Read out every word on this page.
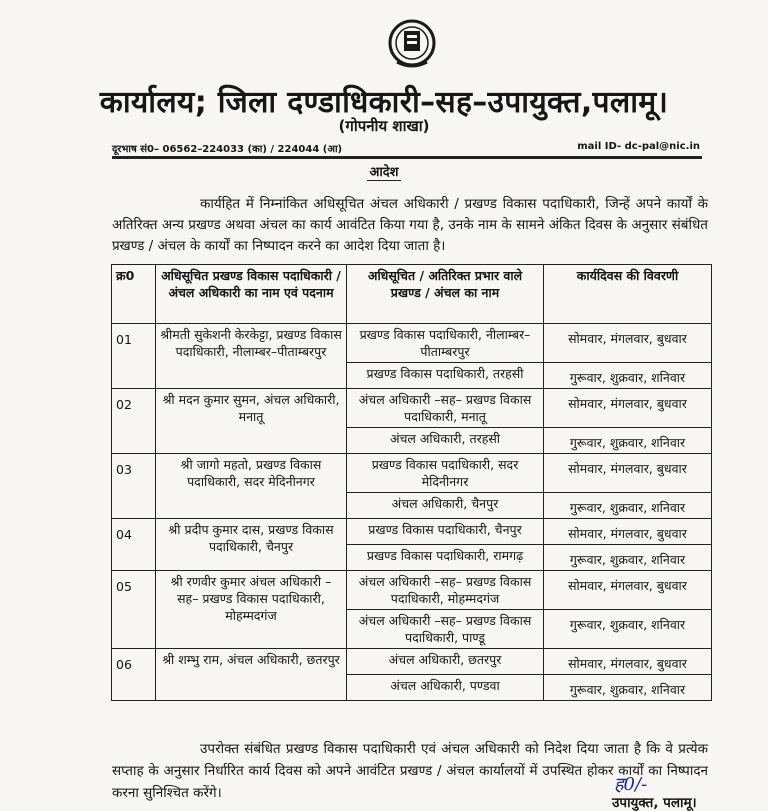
कार्यालय; जिला दण्डाधिकारी–सह–उपायुक्त,पलामू।
(गोपनीय शाखा)
दूरभाष सं0– 06562–224033 (का) / 224044 (आ)	mail ID- dc-pal@nic.in
आदेश

कार्यहित में निम्नांकित अधिसूचित अंचल अधिकारी / प्रखण्ड विकास पदाधिकारी, जिन्हें अपने कार्यों के अतिरिक्त अन्य प्रखण्ड अथवा अंचल का कार्य आवंटित किया गया है, उनके नाम के सामने अंकित दिवस के अनुसार संबंधित प्रखण्ड / अंचल के कार्यों का निष्पादन करने का आदेश दिया जाता है।

क्र0	अधिसूचित प्रखण्ड विकास पदाधिकारी / अंचल अधिकारी का नाम एवं पदनाम	अधिसूचित / अतिरिक्त प्रभार वाले प्रखण्ड / अंचल का नाम	कार्यदिवस की विवरणी
01	श्रीमती सुकेशनी केरकेट्टा, प्रखण्ड विकास पदाधिकारी, नीलाम्बर–पीताम्बरपुर	प्रखण्ड विकास पदाधिकारी, नीलाम्बर–पीताम्बरपुर	सोमवार, मंगलवार, बुधवार
		प्रखण्ड विकास पदाधिकारी, तरहसी	गुरूवार, शुक्रवार, शनिवार
02	श्री मदन कुमार सुमन, अंचल अधिकारी, मनातू	अंचल अधिकारी –सह– प्रखण्ड विकास पदाधिकारी, मनातू	सोमवार, मंगलवार, बुधवार
		अंचल अधिकारी, तरहसी	गुरूवार, शुक्रवार, शनिवार
03	श्री जागो महतो, प्रखण्ड विकास पदाधिकारी, सदर मेदिनीनगर	प्रखण्ड विकास पदाधिकारी, सदर मेदिनीनगर	सोमवार, मंगलवार, बुधवार
		अंचल अधिकारी, चैनपुर	गुरूवार, शुक्रवार, शनिवार
04	श्री प्रदीप कुमार दास, प्रखण्ड विकास पदाधिकारी, चैनपुर	प्रखण्ड विकास पदाधिकारी, चैनपुर	सोमवार, मंगलवार, बुधवार
		प्रखण्ड विकास पदाधिकारी, रामगढ़	गुरूवार, शुक्रवार, शनिवार
05	श्री रणवीर कुमार अंचल अधिकारी –सह– प्रखण्ड विकास पदाधिकारी, मोहम्मदगंज	अंचल अधिकारी –सह– प्रखण्ड विकास पदाधिकारी, मोहम्मदगंज	सोमवार, मंगलवार, बुधवार
		अंचल अधिकारी –सह– प्रखण्ड विकास पदाधिकारी, पाण्डू	गुरूवार, शुक्रवार, शनिवार
06	श्री शम्भु राम, अंचल अधिकारी, छतरपुर	अंचल अधिकारी, छतरपुर	सोमवार, मंगलवार, बुधवार
		अंचल अधिकारी, पण्डवा	गुरूवार, शुक्रवार, शनिवार

उपरोक्त संबंधित प्रखण्ड विकास पदाधिकारी एवं अंचल अधिकारी को निदेश दिया जाता है कि वे प्रत्येक सप्ताह के अनुसार निर्धारित कार्य दिवस को अपने आवंटित प्रखण्ड / अंचल कार्यालयों में उपस्थित होकर कार्यों का निष्पादन करना सुनिश्चित करेंगे।	ह0/-
उपायुक्त, पलामू।
